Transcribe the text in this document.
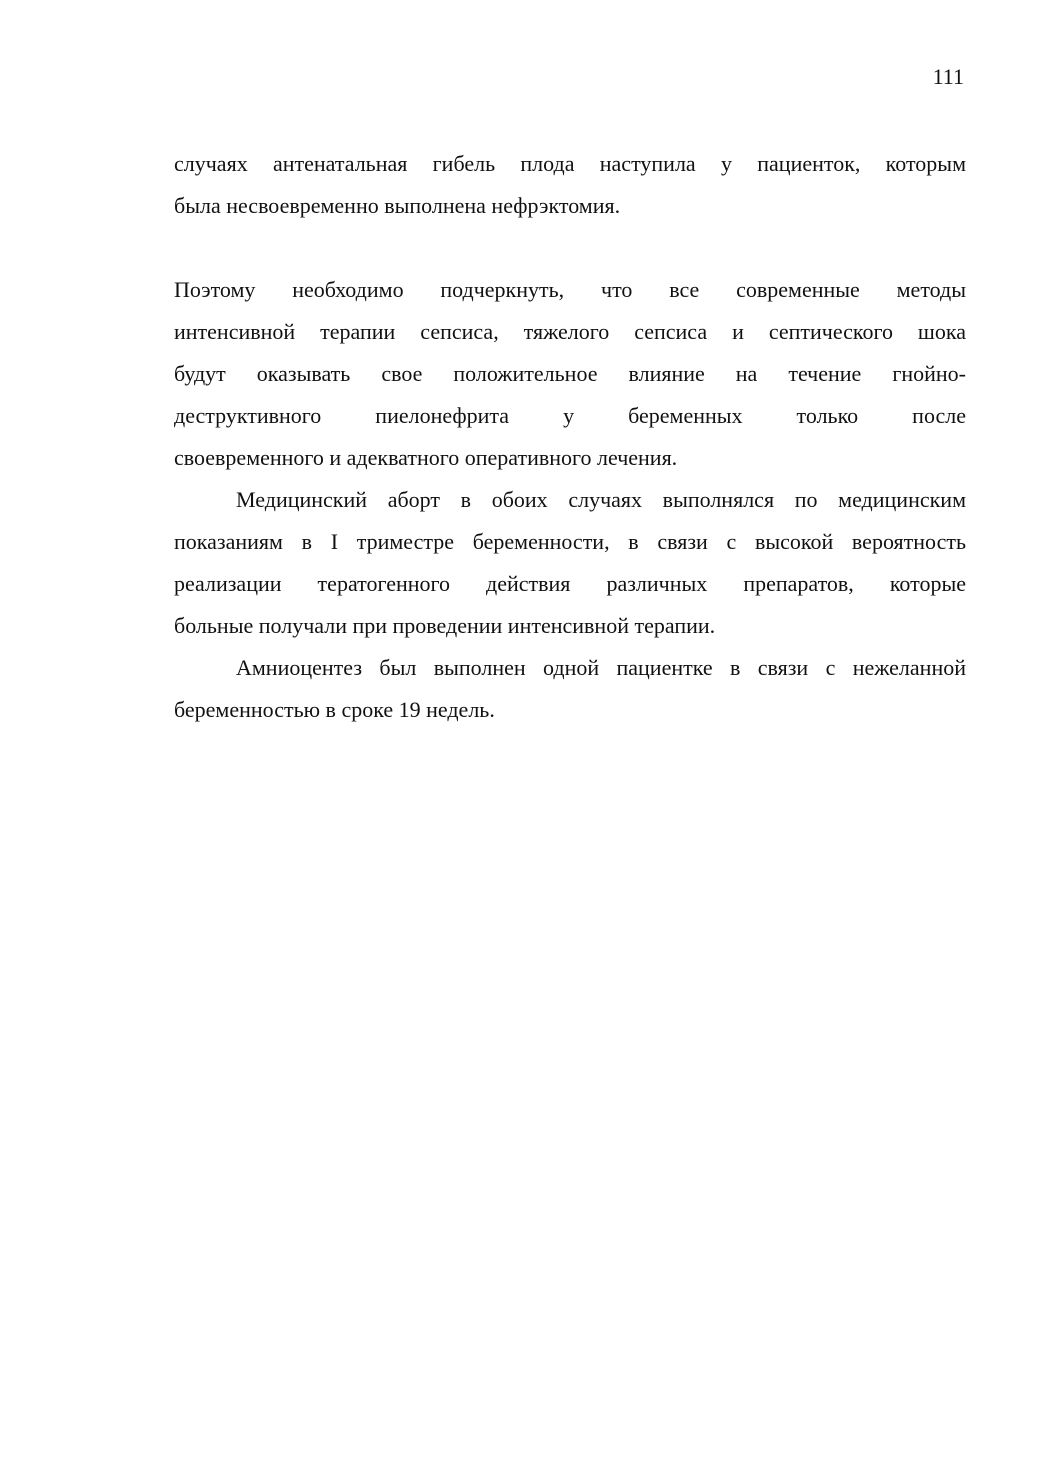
111
случаях антенатальная гибель плода наступила у пациенток, которым
была несвоевременно выполнена нефрэктомия.
Поэтому необходимо подчеркнуть, что все современные методы
интенсивной терапии сепсиса, тяжелого сепсиса и септического шока
будут оказывать свое положительное влияние на течение гнойно-
деструктивного пиелонефрита у беременных только после
своевременного и адекватного оперативного лечения.
Медицинский аборт в обоих случаях выполнялся по медицинским
показаниям в I триместре беременности, в связи с высокой вероятность
реализации тератогенного действия различных препаратов, которые
больные получали при проведении интенсивной терапии.
Амниоцентез был выполнен одной пациентке в связи с нежеланной
беременностью в сроке 19 недель.
